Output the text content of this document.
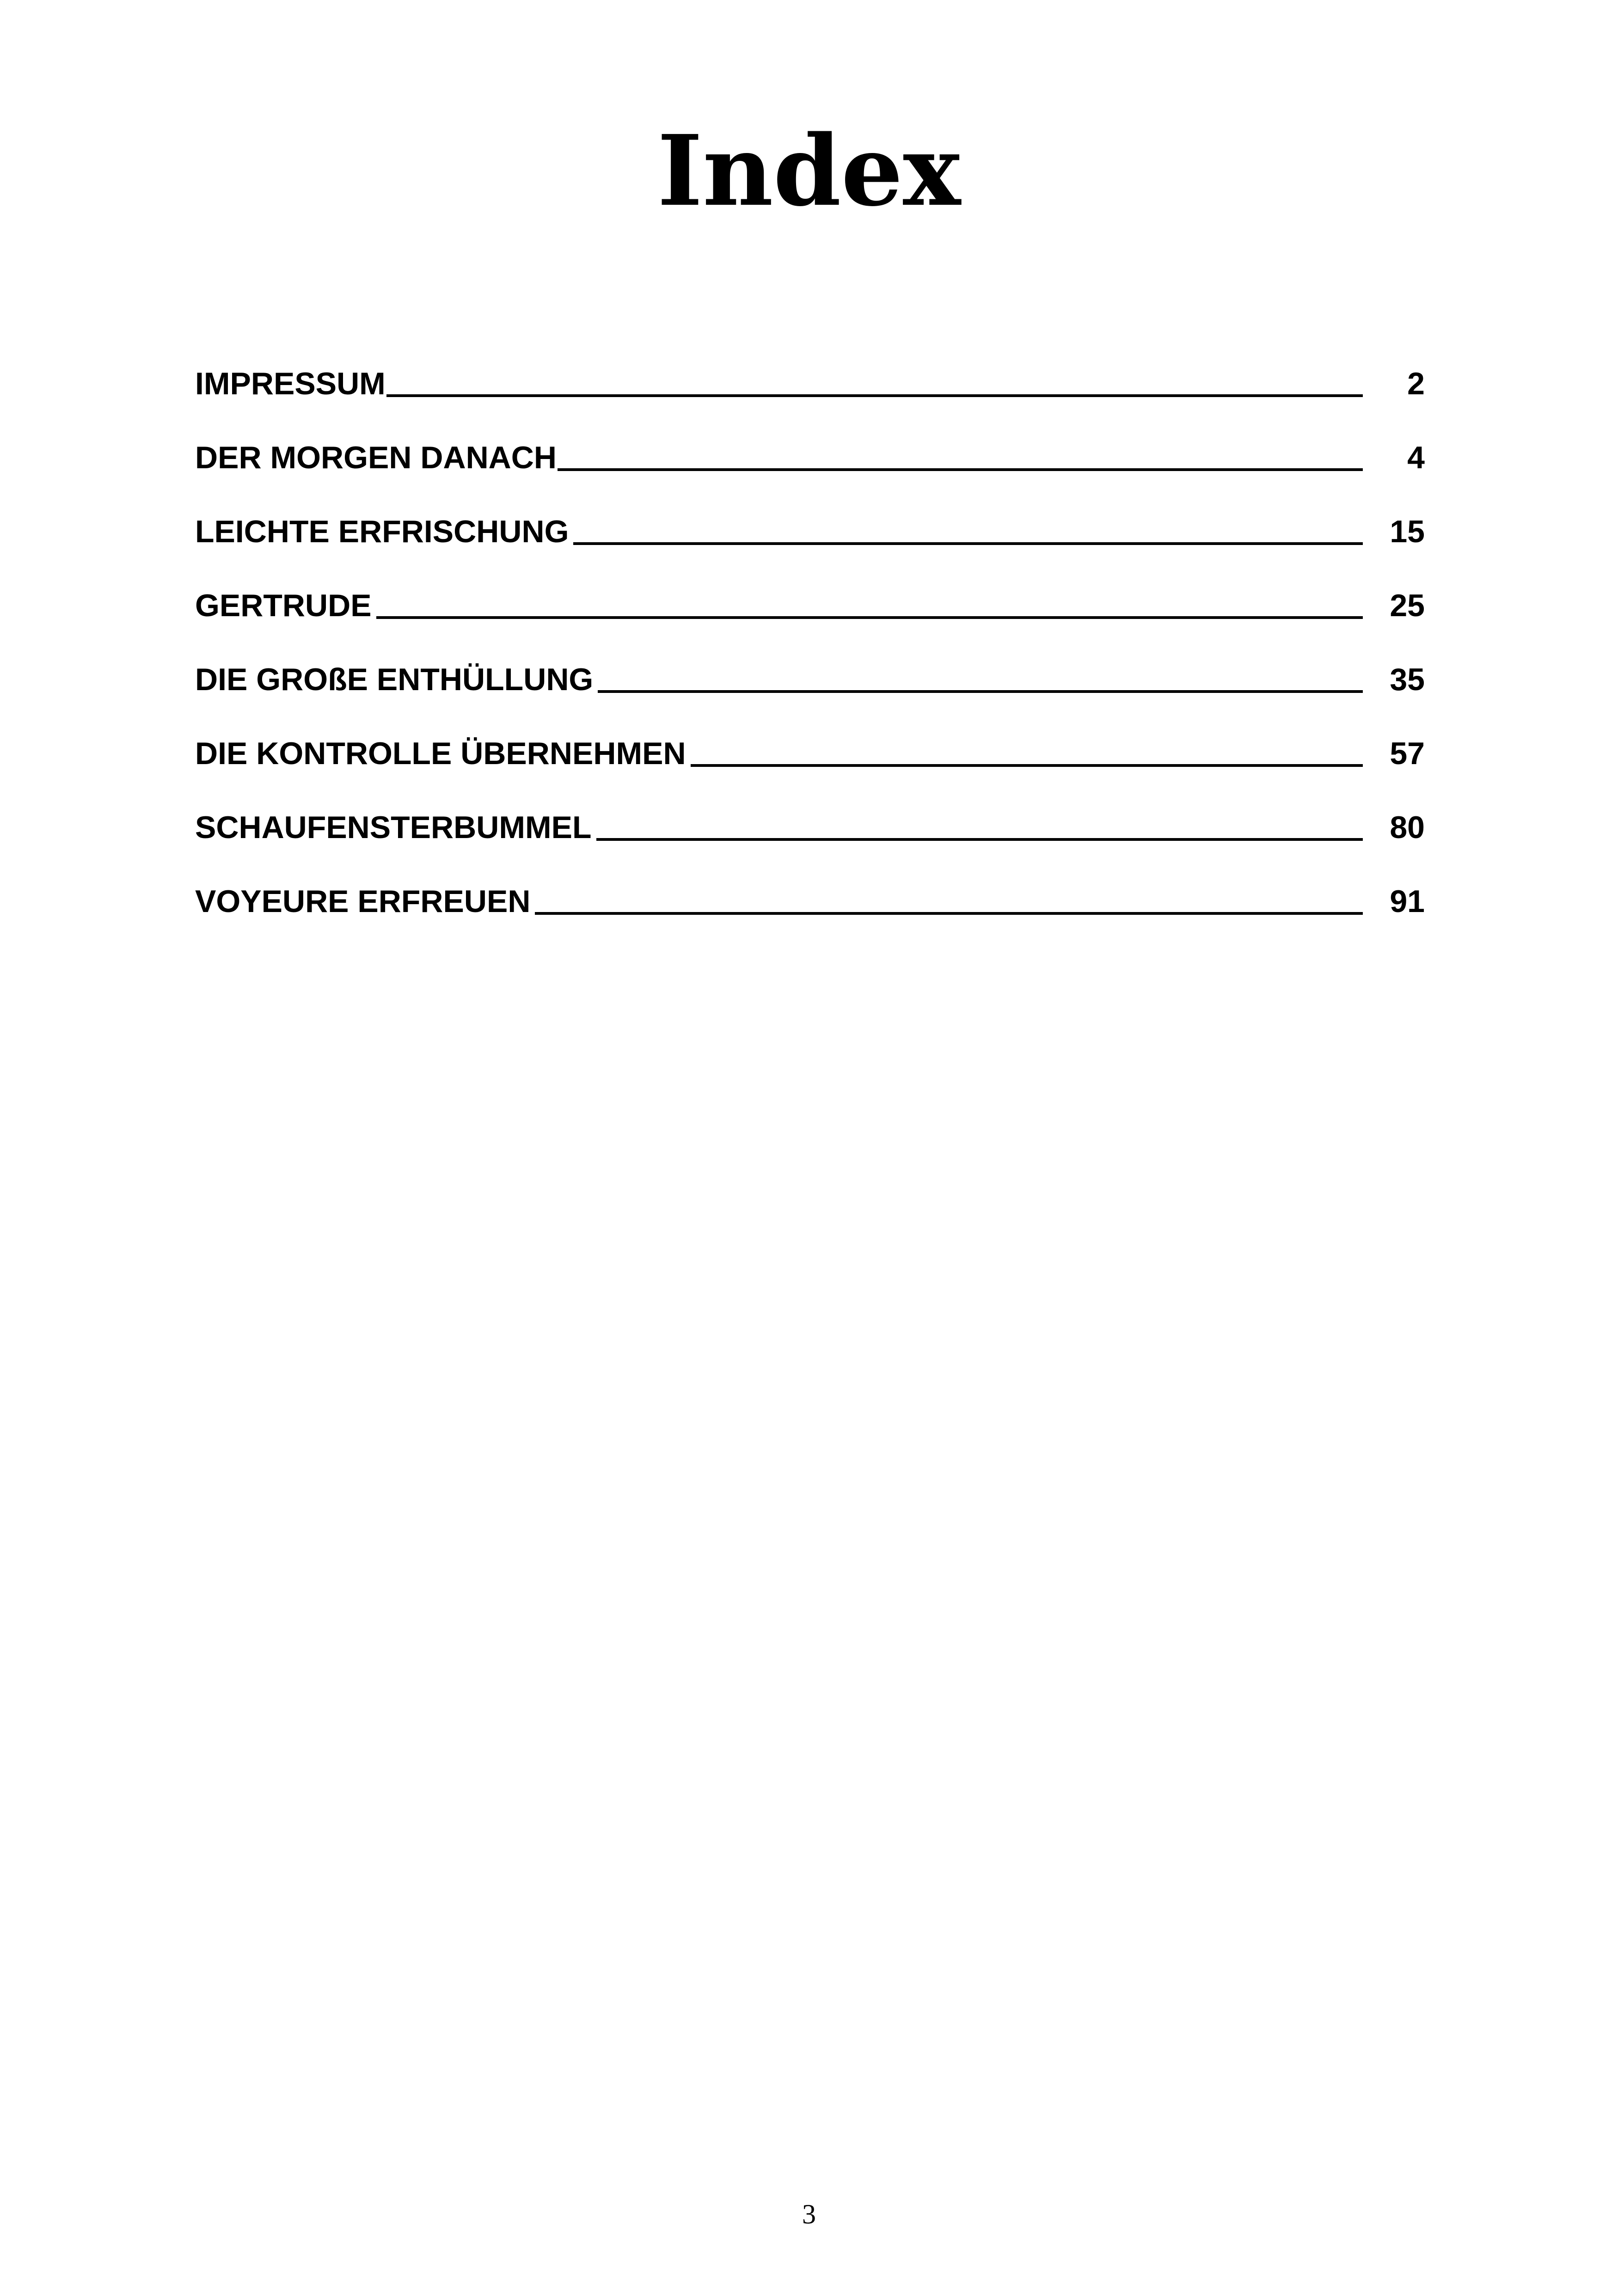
Index
IMPRESSUM	2
DER MORGEN DANACH	4
LEICHTE ERFRISCHUNG	15
GERTRUDE	25
DIE GROßE ENTHÜLLUNG	35
DIE KONTROLLE ÜBERNEHMEN	57
SCHAUFENSTERBUMMEL	80
VOYEURE ERFREUEN	91
3
